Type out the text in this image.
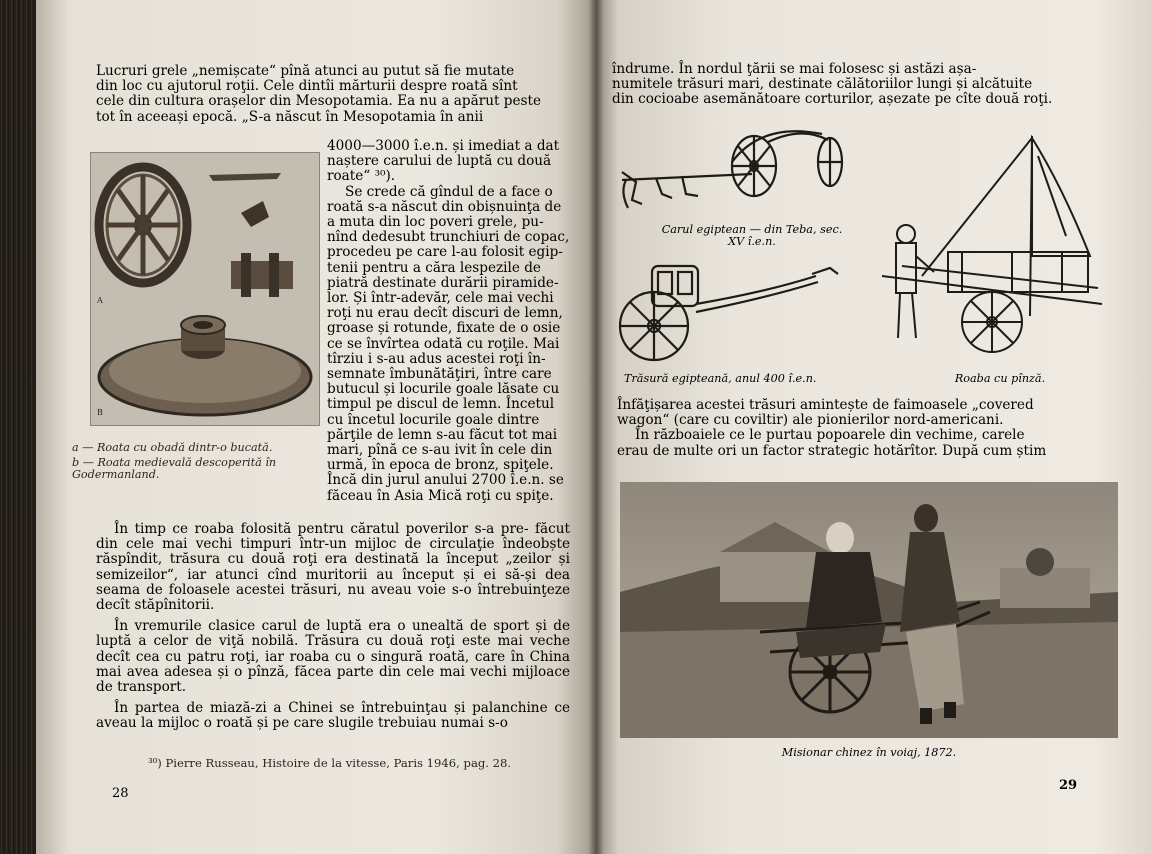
Lucruri grele „nemișcate“ pînă atunci au putut să fie mutate
din loc cu ajutorul roţii. Cele dintîi mărturii despre roată sînt
cele din cultura orașelor din Mesopotamia. Ea nu a apărut peste
tot în aceeași epocă. „S-a născut în Mesopotamia în anii
A
B
4000—3000 î.e.n. și imediat a dat
naștere carului de luptă cu două
roate“ ³⁰).
Se crede că gîndul de a face o
roată s-a născut din obișnuinţa de
a muta din loc poveri grele, pu-
nînd dedesubt trunchiuri de copac,
procedeu pe care l-au folosit egip-
tenii pentru a căra lespezile de
piatră destinate durării piramide-
lor. Și într-adevăr, cele mai vechi
roţi nu erau decît discuri de lemn,
groase și rotunde, fixate de o osie
ce se învîrtea odată cu roţile. Mai
tîrziu i s-au adus acestei roţi în-
semnate îmbunătăţiri, între care
butucul și locurile goale lăsate cu
timpul pe discul de lemn. Încetul
cu încetul locurile goale dintre
părţile de lemn s-au făcut tot mai
mari, pînă ce s-au ivit în cele din
urmă, în epoca de bronz, spiţele.
Încă din jurul anului 2700 î.e.n. se
făceau în Asia Mică roţi cu spiţe.
a — Roata cu obadă dintr-o bucată.
b — Roata medievală descoperită în Godermanland.

În timp ce roaba folosită pentru căratul poverilor s-a pre- făcut din cele mai vechi timpuri într-un mijloc de circulaţie îndeobște răspîndit, trăsura cu două roţi era destinată la început „zeilor și semizeilor“, iar atunci cînd muritorii au început și ei să-și dea seama de foloasele acestei trăsuri, nu aveau voie s-o întrebuinţeze decît stăpînitorii.

În vremurile clasice carul de luptă era o unealtă de sport și de luptă a celor de viţă nobilă. Trăsura cu două roţi este mai veche decît cea cu patru roţi, iar roaba cu o singură roată, care în China mai avea adesea și o pînză, făcea parte din cele mai vechi mijloace de transport.

În partea de miază-zi a Chinei se întrebuinţau și palanchine ce aveau la mijloc o roată și pe care slugile trebuiau numai s-o

³⁰) Pierre Russeau, Histoire de la vitesse, Paris 1946, pag. 28.
28
îndrume. În nordul ţării se mai folosesc și astăzi așa-
numitele trăsuri mari, destinate călătoriilor lungi și alcătuite
din cocioabe asemănătoare corturilor, așezate pe cîte două roţi.
Carul egiptean — din Teba, sec. XV î.e.n.
Trăsură egipteană, anul 400 î.e.n.	Roaba cu pînză.
Înfăţișarea acestei trăsuri amintește de faimoasele „covered
wagon“ (care cu coviltir) ale pionierilor nord-americani.
În războaiele ce le purtau popoarele din vechime, carele
erau de multe ori un factor strategic hotărîtor. După cum știm
Misionar chinez în voiaj, 1872.
29
